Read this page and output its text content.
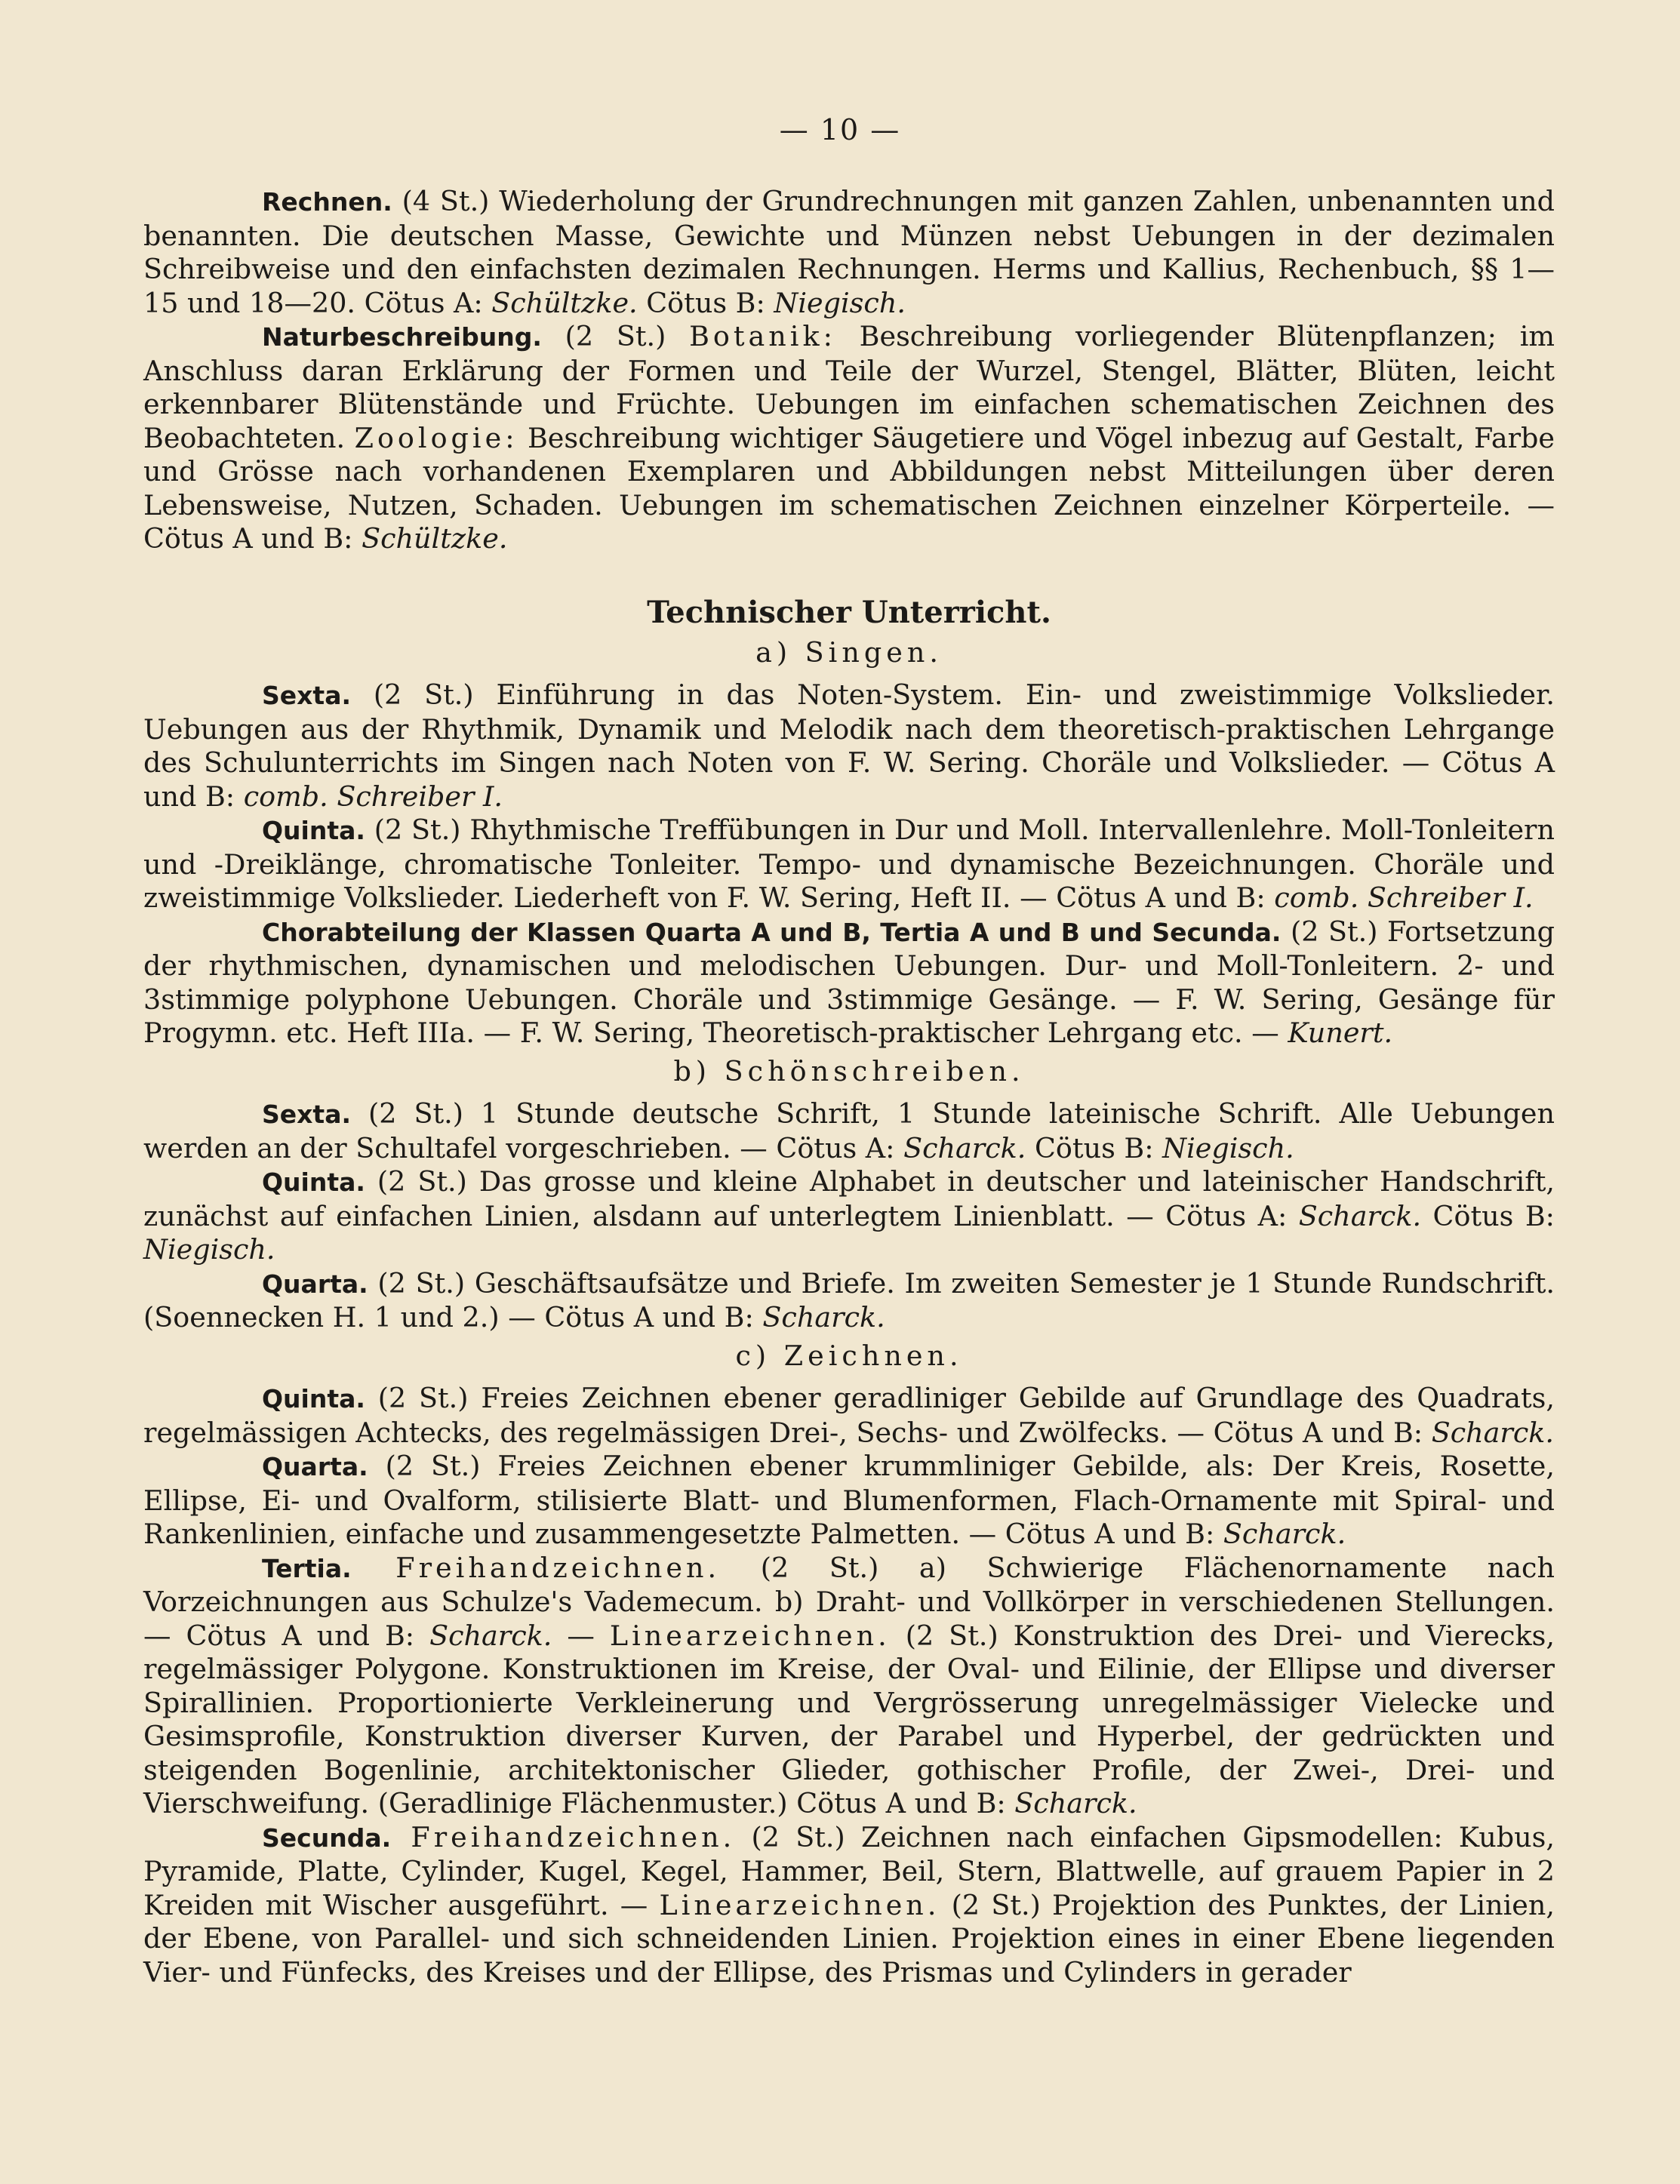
— 10 —

Rechnen. (4 St.) Wiederholung der Grundrechnungen mit ganzen Zahlen, unbenannten und benannten. Die deutschen Masse, Gewichte und Münzen nebst Uebungen in der dezimalen Schreibweise und den einfachsten dezimalen Rechnungen. Herms und Kallius, Rechenbuch, §§ 1—15 und 18—20. Cötus A: Schültzke. Cötus B: Niegisch.

Naturbeschreibung. (2 St.) Botanik: Beschreibung vorliegender Blütenpflanzen; im Anschluss daran Erklärung der Formen und Teile der Wurzel, Stengel, Blätter, Blüten, leicht erkennbarer Blütenstände und Früchte. Uebungen im einfachen schematischen Zeichnen des Beobachteten. Zoologie: Beschreibung wichtiger Säugetiere und Vögel inbezug auf Gestalt, Farbe und Grösse nach vorhandenen Exemplaren und Abbildungen nebst Mitteilungen über deren Lebensweise, Nutzen, Schaden. Uebungen im schematischen Zeichnen einzelner Körperteile. — Cötus A und B: Schültzke.

Technischer Unterricht.
a) Singen.

Sexta. (2 St.) Einführung in das Noten-System. Ein- und zweistimmige Volkslieder. Uebungen aus der Rhythmik, Dynamik und Melodik nach dem theoretisch-praktischen Lehrgange des Schulunterrichts im Singen nach Noten von F. W. Sering. Choräle und Volkslieder. — Cötus A und B: comb. Schreiber I.

Quinta. (2 St.) Rhythmische Treffübungen in Dur und Moll. Intervallenlehre. Moll-Tonleitern und -Dreiklänge, chromatische Tonleiter. Tempo- und dynamische Bezeichnungen. Choräle und zweistimmige Volkslieder. Liederheft von F. W. Sering, Heft II. — Cötus A und B: comb. Schreiber I.

Chorabteilung der Klassen Quarta A und B, Tertia A und B und Secunda. (2 St.) Fortsetzung der rhythmischen, dynamischen und melodischen Uebungen. Dur- und Moll-Tonleitern. 2- und 3stimmige polyphone Uebungen. Choräle und 3stimmige Gesänge. — F. W. Sering, Gesänge für Progymn. etc. Heft IIIa. — F. W. Sering, Theoretisch-praktischer Lehrgang etc. — Kunert.

b) Schönschreiben.

Sexta. (2 St.) 1 Stunde deutsche Schrift, 1 Stunde lateinische Schrift. Alle Uebungen werden an der Schultafel vorgeschrieben. — Cötus A: Scharck. Cötus B: Niegisch.

Quinta. (2 St.) Das grosse und kleine Alphabet in deutscher und lateinischer Handschrift, zunächst auf einfachen Linien, alsdann auf unterlegtem Linienblatt. — Cötus A: Scharck. Cötus B: Niegisch.

Quarta. (2 St.) Geschäftsaufsätze und Briefe. Im zweiten Semester je 1 Stunde Rundschrift. (Soennecken H. 1 und 2.) — Cötus A und B: Scharck.

c) Zeichnen.

Quinta. (2 St.) Freies Zeichnen ebener geradliniger Gebilde auf Grundlage des Quadrats, regelmässigen Achtecks, des regelmässigen Drei-, Sechs- und Zwölfecks. — Cötus A und B: Scharck.

Quarta. (2 St.) Freies Zeichnen ebener krummliniger Gebilde, als: Der Kreis, Rosette, Ellipse, Ei- und Ovalform, stilisierte Blatt- und Blumenformen, Flach-Ornamente mit Spiral- und Rankenlinien, einfache und zusammengesetzte Palmetten. — Cötus A und B: Scharck.

Tertia. Freihandzeichnen. (2 St.) a) Schwierige Flächenornamente nach Vorzeichnungen aus Schulze's Vademecum. b) Draht- und Vollkörper in verschiedenen Stellungen. — Cötus A und B: Scharck. — Linearzeichnen. (2 St.) Konstruktion des Drei- und Vierecks, regelmässiger Polygone. Konstruktionen im Kreise, der Oval- und Eilinie, der Ellipse und diverser Spirallinien. Proportionierte Verkleinerung und Vergrösserung unregelmässiger Vielecke und Gesimsprofile, Konstruktion diverser Kurven, der Parabel und Hyperbel, der gedrückten und steigenden Bogenlinie, architektonischer Glieder, gothischer Profile, der Zwei-, Drei- und Vierschweifung. (Geradlinige Flächenmuster.) Cötus A und B: Scharck.

Secunda. Freihandzeichnen. (2 St.) Zeichnen nach einfachen Gipsmodellen: Kubus, Pyramide, Platte, Cylinder, Kugel, Kegel, Hammer, Beil, Stern, Blattwelle, auf grauem Papier in 2 Kreiden mit Wischer ausgeführt. — Linearzeichnen. (2 St.) Projektion des Punktes, der Linien, der Ebene, von Parallel- und sich schneidenden Linien. Projektion eines in einer Ebene liegenden Vier- und Fünfecks, des Kreises und der Ellipse, des Prismas und Cylinders in gerader
